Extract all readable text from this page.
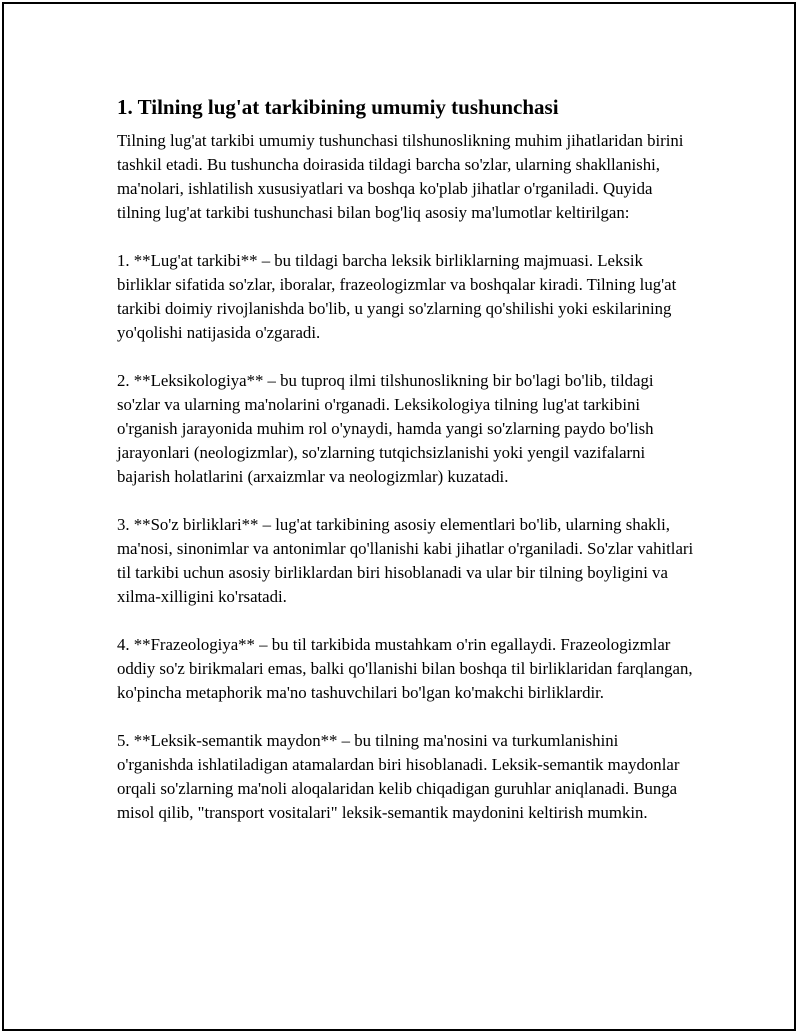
1. Tilning lug'at tarkibining umumiy tushunchasi

Tilning lug'at tarkibi umumiy tushunchasi tilshunoslikning muhim jihatlaridan birini tashkil etadi. Bu tushuncha doirasida tildagi barcha so'zlar, ularning shakllanishi, ma'nolari, ishlatilish xususiyatlari va boshqa ko'plab jihatlar o'rganiladi. Quyida tilning lug'at tarkibi tushunchasi bilan bog'liq asosiy ma'lumotlar keltirilgan:

1. **Lug'at tarkibi** – bu tildagi barcha leksik birliklarning majmuasi. Leksik birliklar sifatida so'zlar, iboralar, frazeologizmlar va boshqalar kiradi. Tilning lug'at tarkibi doimiy rivojlanishda bo'lib, u yangi so'zlarning qo'shilishi yoki eskilarining yo'qolishi natijasida o'zgaradi.

2. **Leksikologiya** – bu tuproq ilmi tilshunoslikning bir bo'lagi bo'lib, tildagi so'zlar va ularning ma'nolarini o'rganadi. Leksikologiya tilning lug'at tarkibini o'rganish jarayonida muhim rol o'ynaydi, hamda yangi so'zlarning paydo bo'lish jarayonlari (neologizmlar), so'zlarning tutqichsizlanishi yoki yengil vazifalarni bajarish holatlarini (arxaizmlar va neologizmlar) kuzatadi.

3. **So'z birliklari** – lug'at tarkibining asosiy elementlari bo'lib, ularning shakli, ma'nosi, sinonimlar va antonimlar qo'llanishi kabi jihatlar o'rganiladi. So'zlar vahitlari til tarkibi uchun asosiy birliklardan biri hisoblanadi va ular bir tilning boyligini va xilma-xilligini ko'rsatadi.

4. **Frazeologiya** – bu til tarkibida mustahkam o'rin egallaydi. Frazeologizmlar oddiy so'z birikmalari emas, balki qo'llanishi bilan boshqa til birliklaridan farqlangan, ko'pincha metaphorik ma'no tashuvchilari bo'lgan ko'makchi birliklardir.

5. **Leksik-semantik maydon** – bu tilning ma'nosini va turkumlanishini o'rganishda ishlatiladigan atamalardan biri hisoblanadi. Leksik-semantik maydonlar orqali so'zlarning ma'noli aloqalaridan kelib chiqadigan guruhlar aniqlanadi. Bunga misol qilib, "transport vositalari" leksik-semantik maydonini keltirish mumkin.
